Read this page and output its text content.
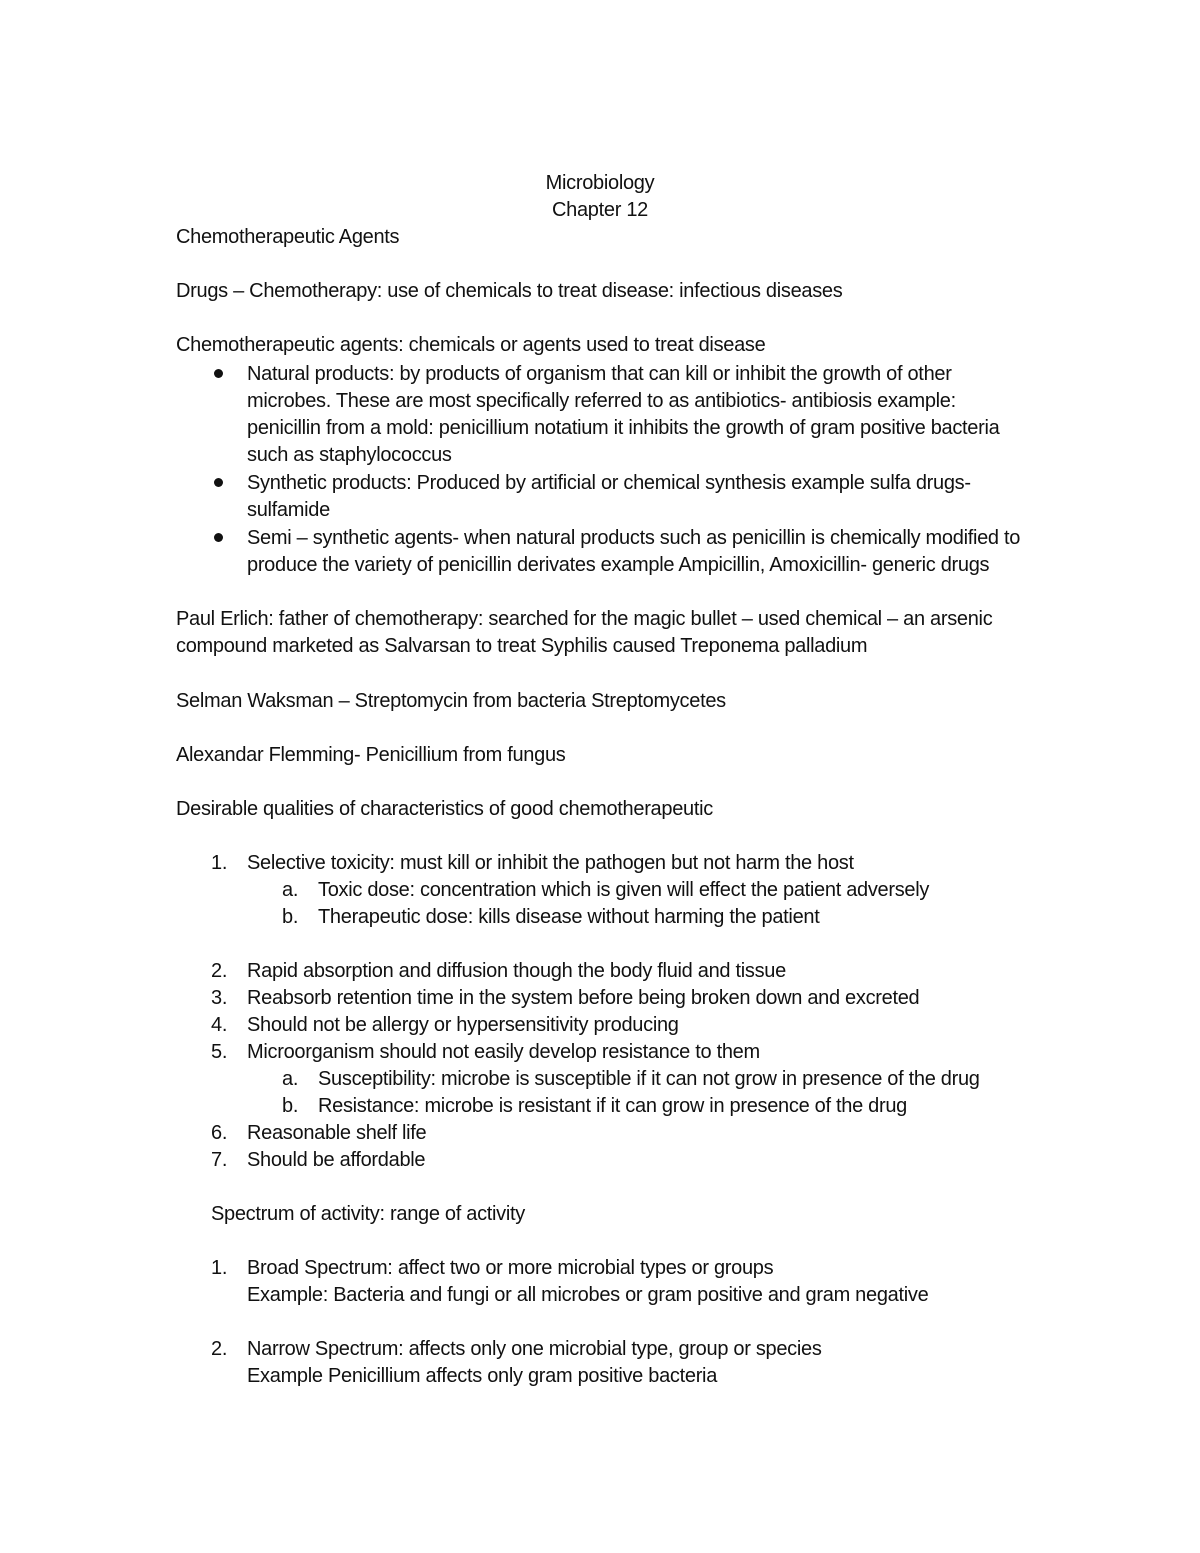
Microbiology
Chapter 12
Chemotherapeutic Agents
Drugs – Chemotherapy: use of chemicals to treat disease: infectious diseases
Chemotherapeutic agents: chemicals or agents used to treat disease
Natural products: by products of organism that can kill or inhibit the growth of other
microbes. These are most specifically referred to as antibiotics- antibiosis example:
penicillin from a mold: penicillium notatium it inhibits the growth of gram positive bacteria
such as staphylococcus
Synthetic products: Produced by artificial or chemical synthesis example sulfa drugs-
sulfamide
Semi – synthetic agents- when natural products such as penicillin is chemically modified to
produce the variety of penicillin derivates example Ampicillin, Amoxicillin- generic drugs
Paul Erlich: father of chemotherapy: searched for the magic bullet – used chemical – an arsenic
compound marketed as Salvarsan to treat Syphilis caused Treponema palladium
Selman Waksman – Streptomycin from bacteria Streptomycetes
Alexandar Flemming- Penicillium from fungus
Desirable qualities of characteristics of good chemotherapeutic
1. Selective toxicity: must kill or inhibit the pathogen but not harm the host
a. Toxic dose: concentration which is given will effect the patient adversely
b. Therapeutic dose: kills disease without harming the patient
2. Rapid absorption and diffusion though the body fluid and tissue
3. Reabsorb retention time in the system before being broken down and excreted
4. Should not be allergy or hypersensitivity producing
5. Microorganism should not easily develop resistance to them
a. Susceptibility: microbe is susceptible if it can not grow in presence of the drug
b. Resistance: microbe is resistant if it can grow in presence of the drug
6. Reasonable shelf life
7. Should be affordable
Spectrum of activity: range of activity
1. Broad Spectrum: affect two or more microbial types or groups
Example: Bacteria and fungi or all microbes or gram positive and gram negative
2. Narrow Spectrum: affects only one microbial type, group or species
Example Penicillium affects only gram positive bacteria
